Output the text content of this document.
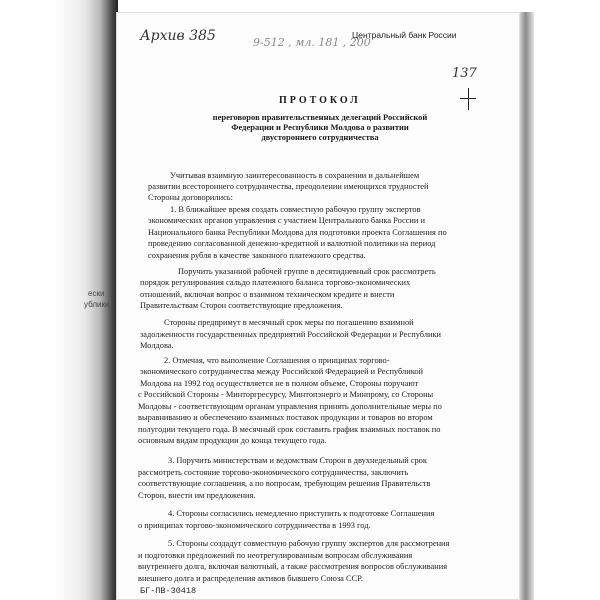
Архив 385	9-512 , мл. 181 , 200
Центральный банк России
137
ПРОТОКОЛ
переговоров правительственных делегаций Российской
Федерации и Республики Молдова о развитии
двустороннего сотрудничества
ески
ублики
Учитывая взаимную заинтересованность в сохранении и дальнейшем
развитии всестороннего сотрудничества, преодолении имеющихся трудностей
Стороны договорились:
1. В ближайшее время создать совместную рабочую группу экспертов
экономических органов управления с участием Центрального банка России и
Национального банка Республики Молдова для подготовки проекта Соглашения по
проведению согласованной денежно-кредитной и валютной политики на период
сохранения рубля в качестве законного платежного средства.
Поручить указанной рабочей группе в десятидневный срок рассмотреть
порядок регулирования сальдо платежного баланса торгово-экономических
отношений, включая вопрос о взаимном техническом кредите и внести
Правительствам Сторон соответствующие предложения.
Стороны предпримут в месячный срок меры по погашению взаимной
задолженности государственных предприятий Российской Федерации и Республики
Молдова.
2. Отмечая, что выполнение Соглашения о принципах торгово-
экономического сотрудничества между Российской Федерацией и Республикой
Молдова на 1992 год осуществляется не в полном объеме, Стороны поручают
с Российской Стороны - Минторгресурсу, Минтопэнерго и Минпрому, со Стороны
Молдовы - соответствующим органам управления принять дополнительные меры по
выравниванию и обеспечению взаимных поставок продукции и товаров во втором
полугодии текущего года. В месячный срок составить график взаимных поставок по
основным видам продукции до конца текущего года.
3. Поручить министерствам и ведомствам Сторон в двухнедельный срок
рассмотреть состояние торгово-экономического сотрудничества, заключить
соответствующие соглашения, а по вопросам, требующим решения Правительств
Сторон, внести им предложения.
4. Стороны согласились немедленно приступить к подготовке Соглашения
о принципах торгово-экономического сотрудничества в 1993 год.
5. Стороны создадут совместную рабочую группу экспертов для рассмотрения
и подготовки предложений по неотрегулированным вопросам обслуживания
внутреннего долга, включая валютный, а также рассмотрения вопросов обслуживания
внешнего долга и распределения активов бывшего Союза ССР.
БГ-ПВ-30418
